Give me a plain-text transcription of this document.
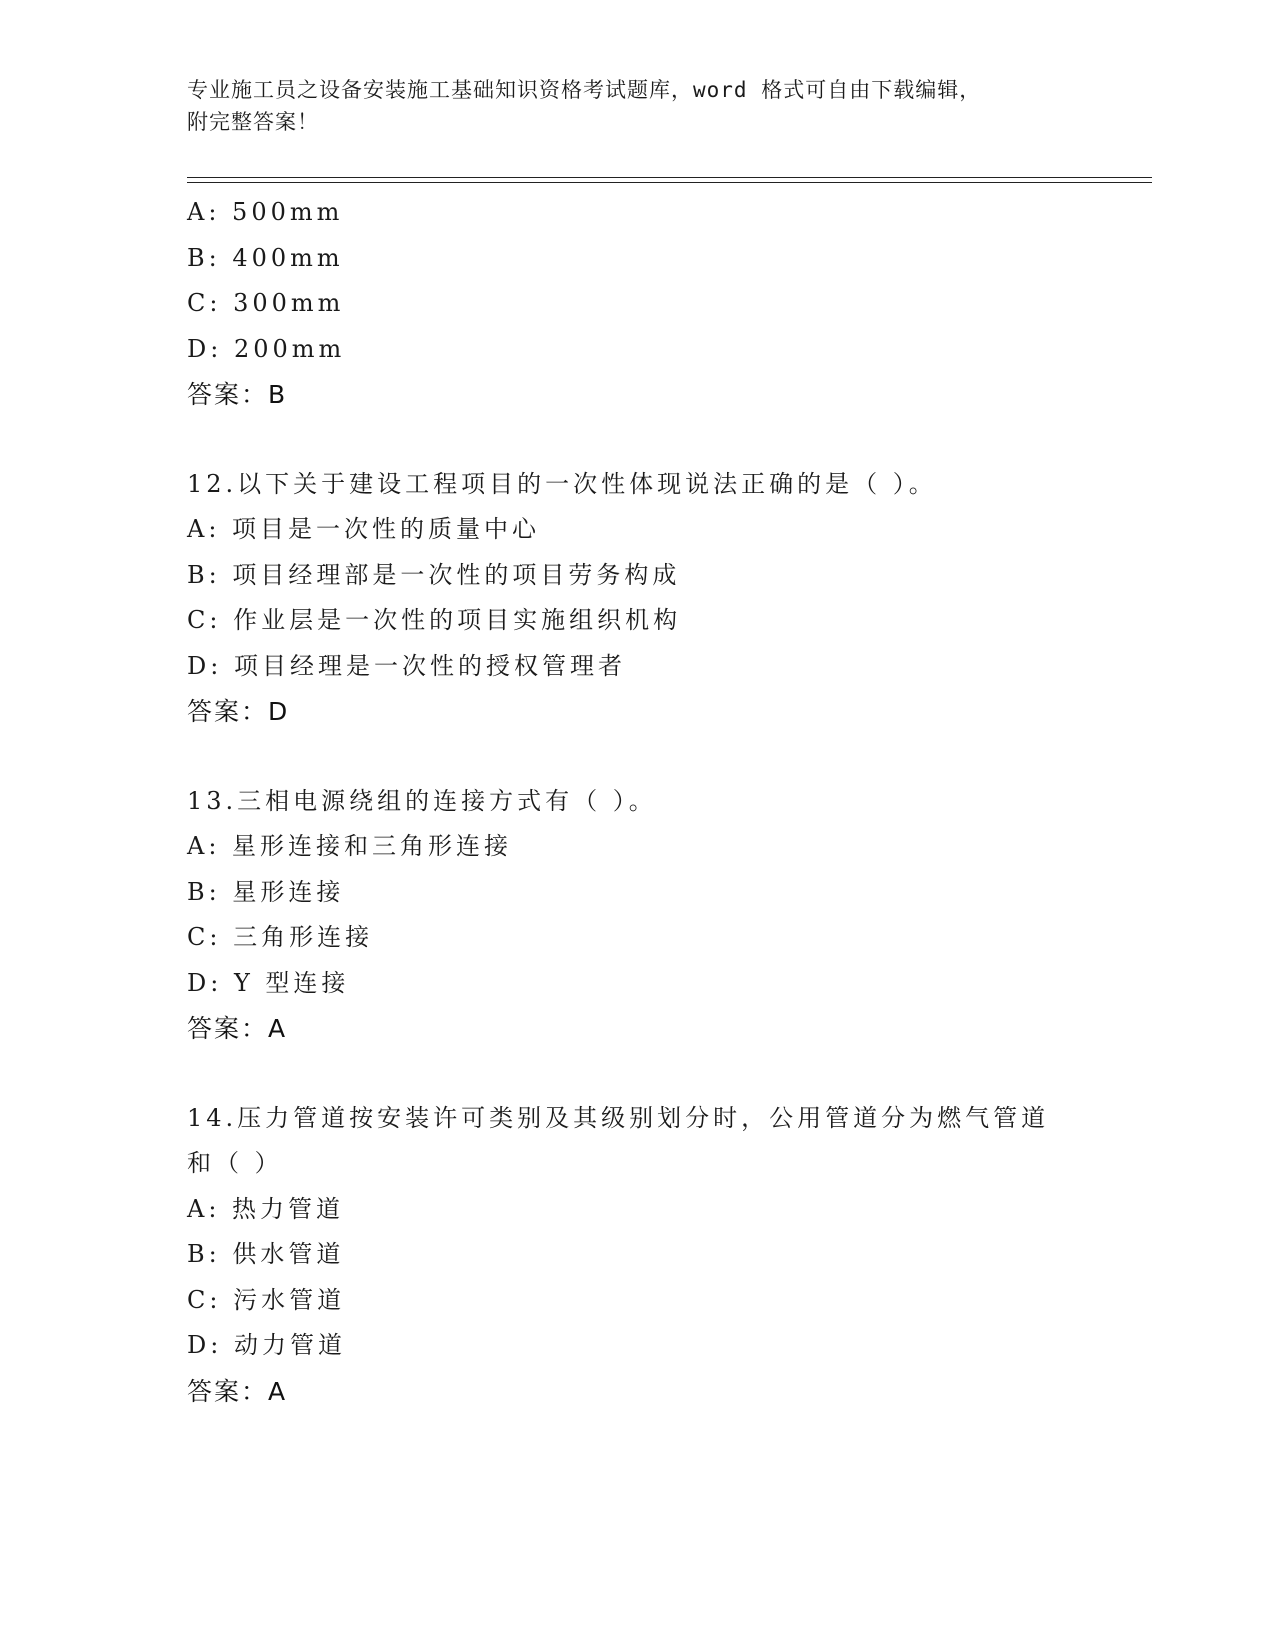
专业施工员之设备安装施工基础知识资格考试题库，word 格式可自由下载编辑，
附完整答案！
A: 500mm
B: 400mm
C: 300mm
D: 200mm
答案：B
12.以下关于建设工程项目的一次性体现说法正确的是（ ）。
A: 项目是一次性的质量中心
B: 项目经理部是一次性的项目劳务构成
C: 作业层是一次性的项目实施组织机构
D: 项目经理是一次性的授权管理者
答案：D
13.三相电源绕组的连接方式有（ ）。
A: 星形连接和三角形连接
B: 星形连接
C: 三角形连接
D: Y 型连接
答案：A
14.压力管道按安装许可类别及其级别划分时，公用管道分为燃气管道
和（ ）
A: 热力管道
B: 供水管道
C: 污水管道
D: 动力管道
答案：A
